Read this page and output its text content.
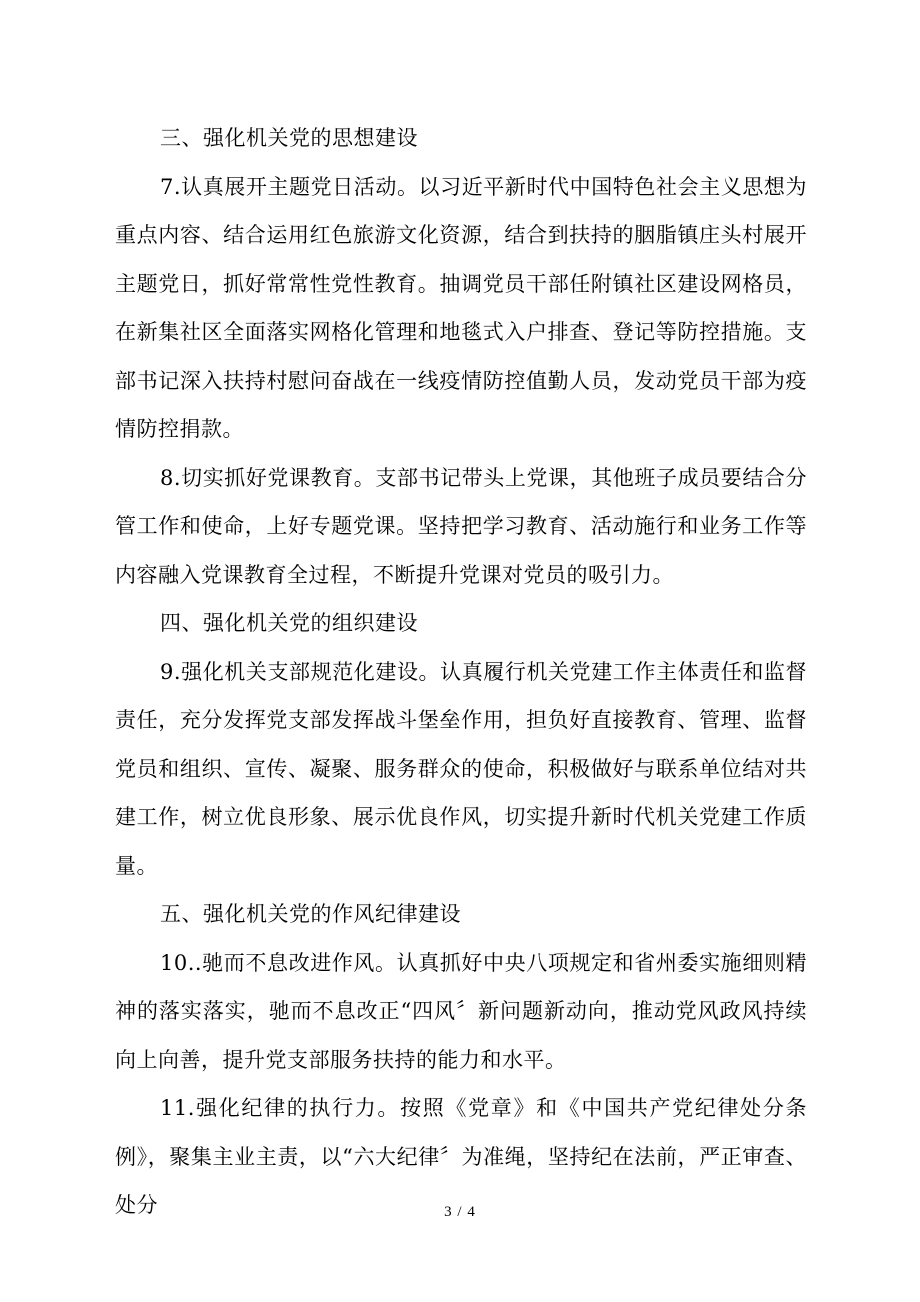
三、强化机关党的思想建设

7.认真展开主题党日活动。以习近平新时代中国特色社会主义思想为重点内容、结合运用红色旅游文化资源，结合到扶持的胭脂镇庄头村展开主题党日，抓好常常性党性教育。抽调党员干部任附镇社区建设网格员，在新集社区全面落实网格化管理和地毯式入户排查、登记等防控措施。支部书记深入扶持村慰问奋战在一线疫情防控值勤人员，发动党员干部为疫情防控捐款。

8.切实抓好党课教育。支部书记带头上党课，其他班子成员要结合分管工作和使命，上好专题党课。坚持把学习教育、活动施行和业务工作等内容融入党课教育全过程，不断提升党课对党员的吸引力。

四、强化机关党的组织建设

9.强化机关支部规范化建设。认真履行机关党建工作主体责任和监督责任，充分发挥党支部发挥战斗堡垒作用，担负好直接教育、管理、监督党员和组织、宣传、凝聚、服务群众的使命，积极做好与联系单位结对共建工作，树立优良形象、展示优良作风，切实提升新时代机关党建工作质量。

五、强化机关党的作风纪律建设

10..驰而不息改进作风。认真抓好中央八项规定和省州委实施细则精神的落实落实，驰而不息改正“四风〞新问题新动向，推动党风政风持续向上向善，提升党支部服务扶持的能力和水平。

11.强化纪律的执行力。按照《党章》和《中国共产党纪律处分条例》，聚集主业主责，以“六大纪律〞为准绳，坚持纪在法前，严正审查、处分	3 / 4
